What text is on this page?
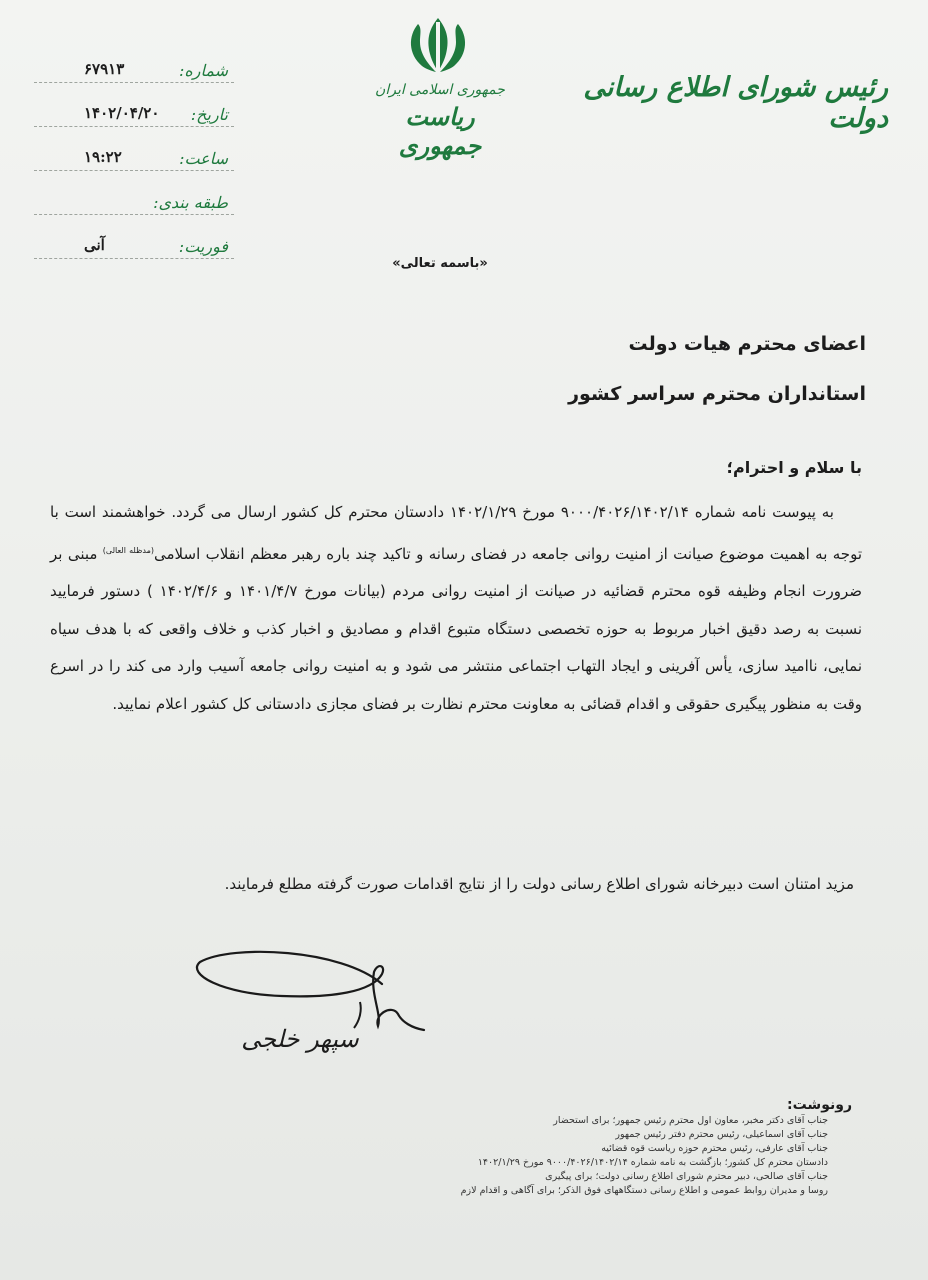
رئیس شورای اطلاع رسانی دولت
جمهوری اسلامی ایران
ریاست جمهوری
شماره:
۶۷۹۱۳
تاریخ:
۱۴۰۲/۰۴/۲۰
ساعت:
۱۹:۲۲
طبقه بندی:
فوریت:
آنی
«باسمه تعالی»
اعضای محترم هیات دولت
استانداران محترم سراسر کشور
با سلام و احترام؛

به پیوست نامه شماره ۹۰۰۰/۴۰۲۶/۱۴۰۲/۱۴ مورخ ۱۴۰۲/۱/۲۹ دادستان محترم کل کشور ارسال می گردد. خواهشمند است با توجه به اهمیت موضوع صیانت از امنیت روانی جامعه در فضای رسانه و تاکید چند باره رهبر معظم انقلاب اسلامی$^{(مدظله العالی)}$ مبنی بر ضرورت انجام وظیفه قوه محترم قضائیه در صیانت از امنیت روانی مردم (بیانات مورخ ۱۴۰۱/۴/۷ و ۱۴۰۲/۴/۶ ) دستور فرمایید نسبت به رصد دقیق اخبار مربوط به حوزه تخصصی دستگاه متبوع اقدام و مصادیق و اخبار کذب و خلاف واقعی که با هدف سیاه نمایی، ناامید سازی، یأس آفرینی و ایجاد التهاب اجتماعی منتشر می شود و به امنیت روانی جامعه آسیب وارد می کند را در اسرع وقت به منظور پیگیری حقوقی و اقدام قضائی به معاونت محترم نظارت بر فضای مجازی دادستانی کل کشور اعلام نمایید.

مزید امتنان است دبیرخانه شورای اطلاع رسانی دولت را از نتایج اقدامات صورت گرفته مطلع فرمایند.
سپهر خلجی
رونوشت:
جناب آقای دکتر مخبر، معاون اول محترم رئیس جمهور؛ برای استحضار
جناب آقای اسماعیلی، رئیس محترم دفتر رئیس جمهور
جناب آقای عارفی، رئیس محترم حوزه ریاست قوه قضائیه
دادستان محترم کل کشور؛ بازگشت به نامه شماره ۹۰۰۰/۴۰۲۶/۱۴۰۲/۱۴ مورخ ۱۴۰۲/۱/۲۹
جناب آقای صالحی، دبیر محترم شورای اطلاع رسانی دولت؛ برای پیگیری
روسا و مدیران روابط عمومی و اطلاع رسانی دستگاههای فوق الذکر؛ برای آگاهی و اقدام لازم
